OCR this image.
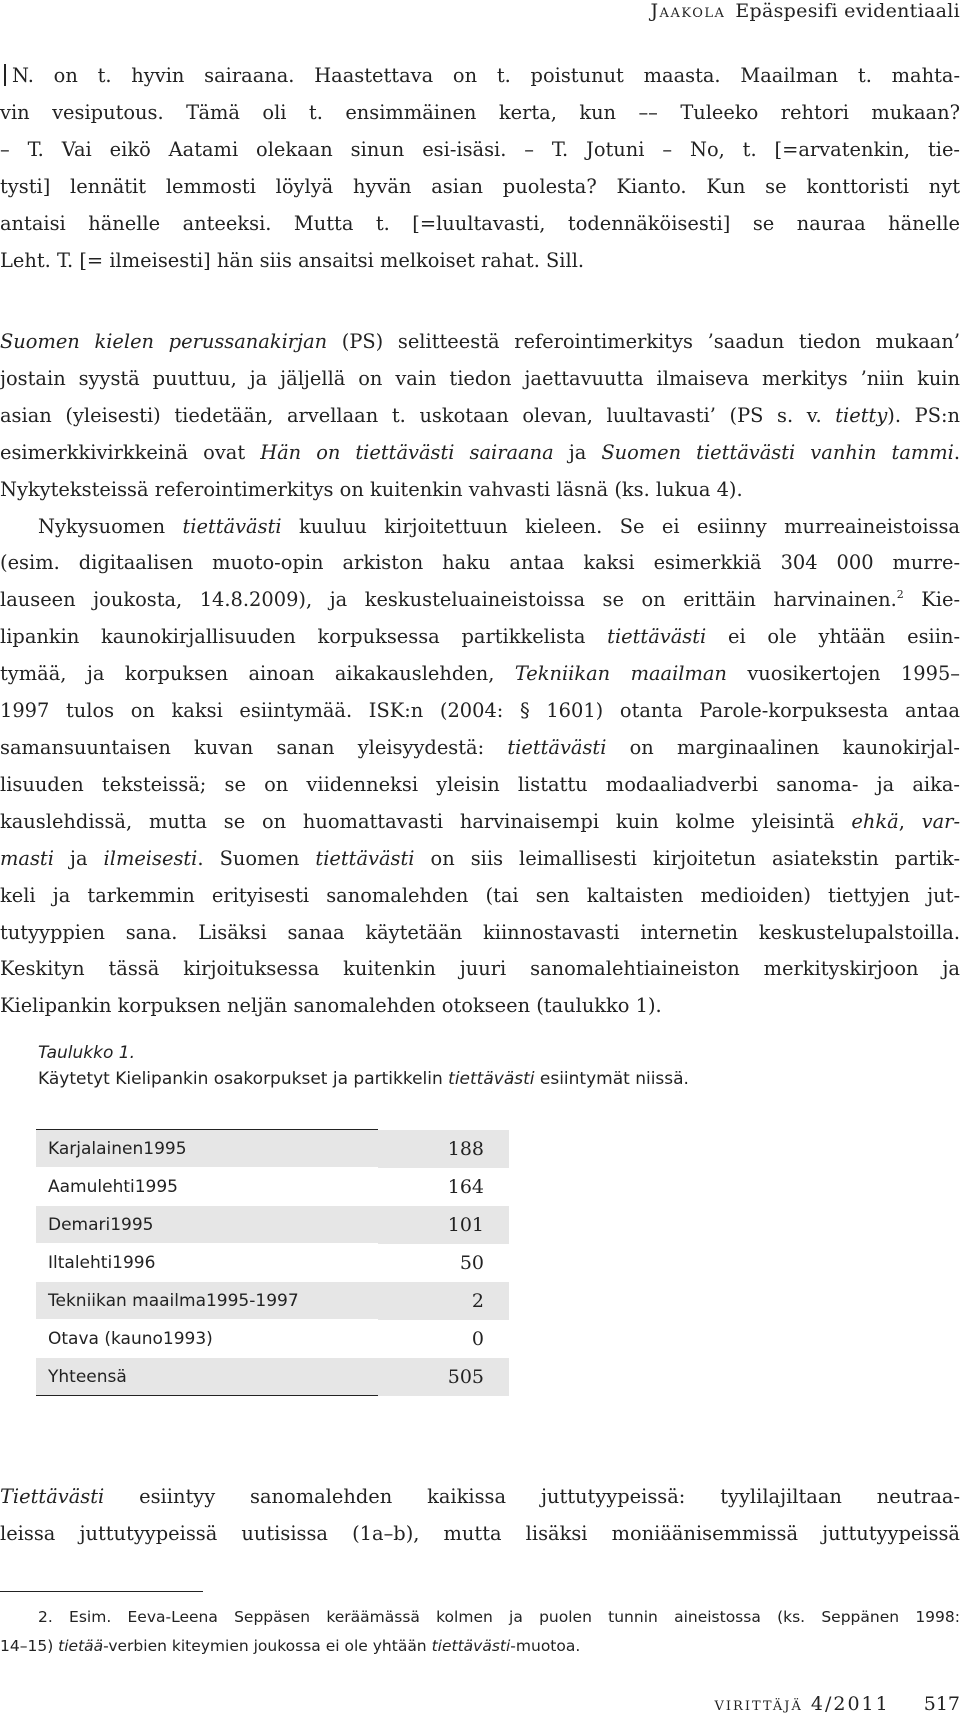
Jaakola Epäspesifi evidentiaali
N. on t. hyvin sairaana. Haastettava on t. poistunut maasta. Maailman t. mahta-
vin vesiputous. Tämä oli t. ensimmäinen kerta, kun –– Tuleeko rehtori mukaan?
– T. Vai eikö Aatami olekaan sinun esi-isäsi. – T. Jotuni – No, t. [=arvatenkin, tie-
tysti] lennätit lemmosti löylyä hyvän asian puolesta? Kianto. Kun se konttoristi nyt
antaisi hänelle anteeksi. Mutta t. [=luultavasti, todennäköisesti] se nauraa hänelle
Leht. T. [= ilmeisesti] hän siis ansaitsi melkoiset rahat. Sill.
Suomen kielen perussanakirjan (PS) selitteestä referointimerkitys ’saadun tiedon mukaan’
jostain syystä puuttuu, ja jäljellä on vain tiedon jaettavuutta ilmaiseva merkitys ’niin kuin
asian (yleisesti) tiedetään, arvellaan t. uskotaan olevan, luultavasti’ (PS s. v. tietty). PS:n
esimerkkivirkkeinä ovat Hän on tiettävästi sairaana ja Suomen tiettävästi vanhin tammi.
Nykyteksteissä referointimerkitys on kuitenkin vahvasti läsnä (ks. lukua 4).
Nykysuomen tiettävästi kuuluu kirjoitettuun kieleen. Se ei esiinny murreaineistoissa
(esim. digitaalisen muoto-opin arkiston haku antaa kaksi esimerkkiä 304 000 murre-
lauseen joukosta, 14.8.2009), ja keskusteluaineistoissa se on erittäin harvinainen.$^2$ Kie-
lipankin kaunokirjallisuuden korpuksessa partikkelista tiettävästi ei ole yhtään esiin-
tymää, ja korpuksen ainoan aikakauslehden, Tekniikan maailman vuosikertojen 1995–
1997 tulos on kaksi esiintymää. ISK:n (2004: § 1601) otanta Parole-korpuksesta antaa
samansuuntaisen kuvan sanan yleisyydestä: tiettävästi on marginaalinen kaunokirjal-
lisuuden teksteissä; se on viidenneksi yleisin listattu modaaliadverbi sanoma- ja aika-
kauslehdissä, mutta se on huomattavasti harvinaisempi kuin kolme yleisintä ehkä, var-
masti ja ilmeisesti. Suomen tiettävästi on siis leimallisesti kirjoitetun asiatekstin partik-
keli ja tarkemmin erityisesti sanomalehden (tai sen kaltaisten medioiden) tiettyjen jut-
tutyyppien sana. Lisäksi sanaa käytetään kiinnostavasti internetin keskustelupalstoilla.
Keskityn tässä kirjoituksessa kuitenkin juuri sanomalehtiaineiston merkityskirjoon ja
Kielipankin korpuksen neljän sanomalehden otokseen (taulukko 1).
Taulukko 1.
Käytetyt Kielipankin osakorpukset ja partikkelin tiettävästi esiintymät niissä.
Karjalainen1995	188
Aamulehti1995	164
Demari1995	101
Iltalehti1996	50
Tekniikan maailma1995-1997	2
Otava (kauno1993)	0
Yhteensä	505
Tiettävästi esiintyy sanomalehden kaikissa juttutyypeissä: tyylilajiltaan neutraa-
leissa juttutyypeissä uutisissa (1a–b), mutta lisäksi moniäänisemmissä juttutyypeissä
2. Esim. Eeva-Leena Seppäsen keräämässä kolmen ja puolen tunnin aineistossa (ks. Seppänen 1998:
14–15) tietää-verbien kiteymien joukossa ei ole yhtään tiettävästi-muotoa.
virittäjä 4/2011 517
